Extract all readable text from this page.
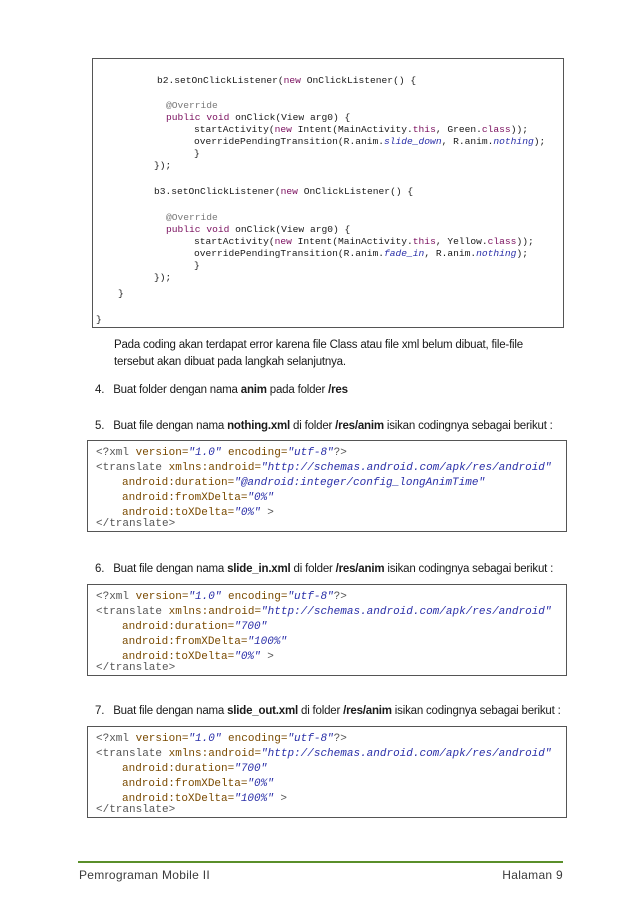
b2.setOnClickListener(new OnClickListener() {
@Override
public void onClick(View arg0) {
startActivity(new Intent(MainActivity.this, Green.class));
overridePendingTransition(R.anim.slide_down, R.anim.nothing);
}
});
b3.setOnClickListener(new OnClickListener() {
@Override
public void onClick(View arg0) {
startActivity(new Intent(MainActivity.this, Yellow.class));
overridePendingTransition(R.anim.fade_in, R.anim.nothing);
}
});
}
}
Pada coding akan terdapat error karena file Class atau file xml belum dibuat, file-file tersebut akan dibuat pada langkah selanjutnya.
4. Buat folder dengan nama anim pada folder /res
5. Buat file dengan nama nothing.xml di folder /res/anim isikan codingnya sebagai berikut :
<?xml version="1.0" encoding="utf-8"?>
<translate xmlns:android="http://schemas.android.com/apk/res/android"
android:duration="@android:integer/config_longAnimTime"
android:fromXDelta="0%"
android:toXDelta="0%" >
</translate>
6. Buat file dengan nama slide_in.xml di folder /res/anim isikan codingnya sebagai berikut :
<?xml version="1.0" encoding="utf-8"?>
<translate xmlns:android="http://schemas.android.com/apk/res/android"
android:duration="700"
android:fromXDelta="100%"
android:toXDelta="0%" >
</translate>
7. Buat file dengan nama slide_out.xml di folder /res/anim isikan codingnya sebagai berikut :
<?xml version="1.0" encoding="utf-8"?>
<translate xmlns:android="http://schemas.android.com/apk/res/android"
android:duration="700"
android:fromXDelta="0%"
android:toXDelta="100%" >
</translate>
Pemrograman Mobile II	Halaman 9
